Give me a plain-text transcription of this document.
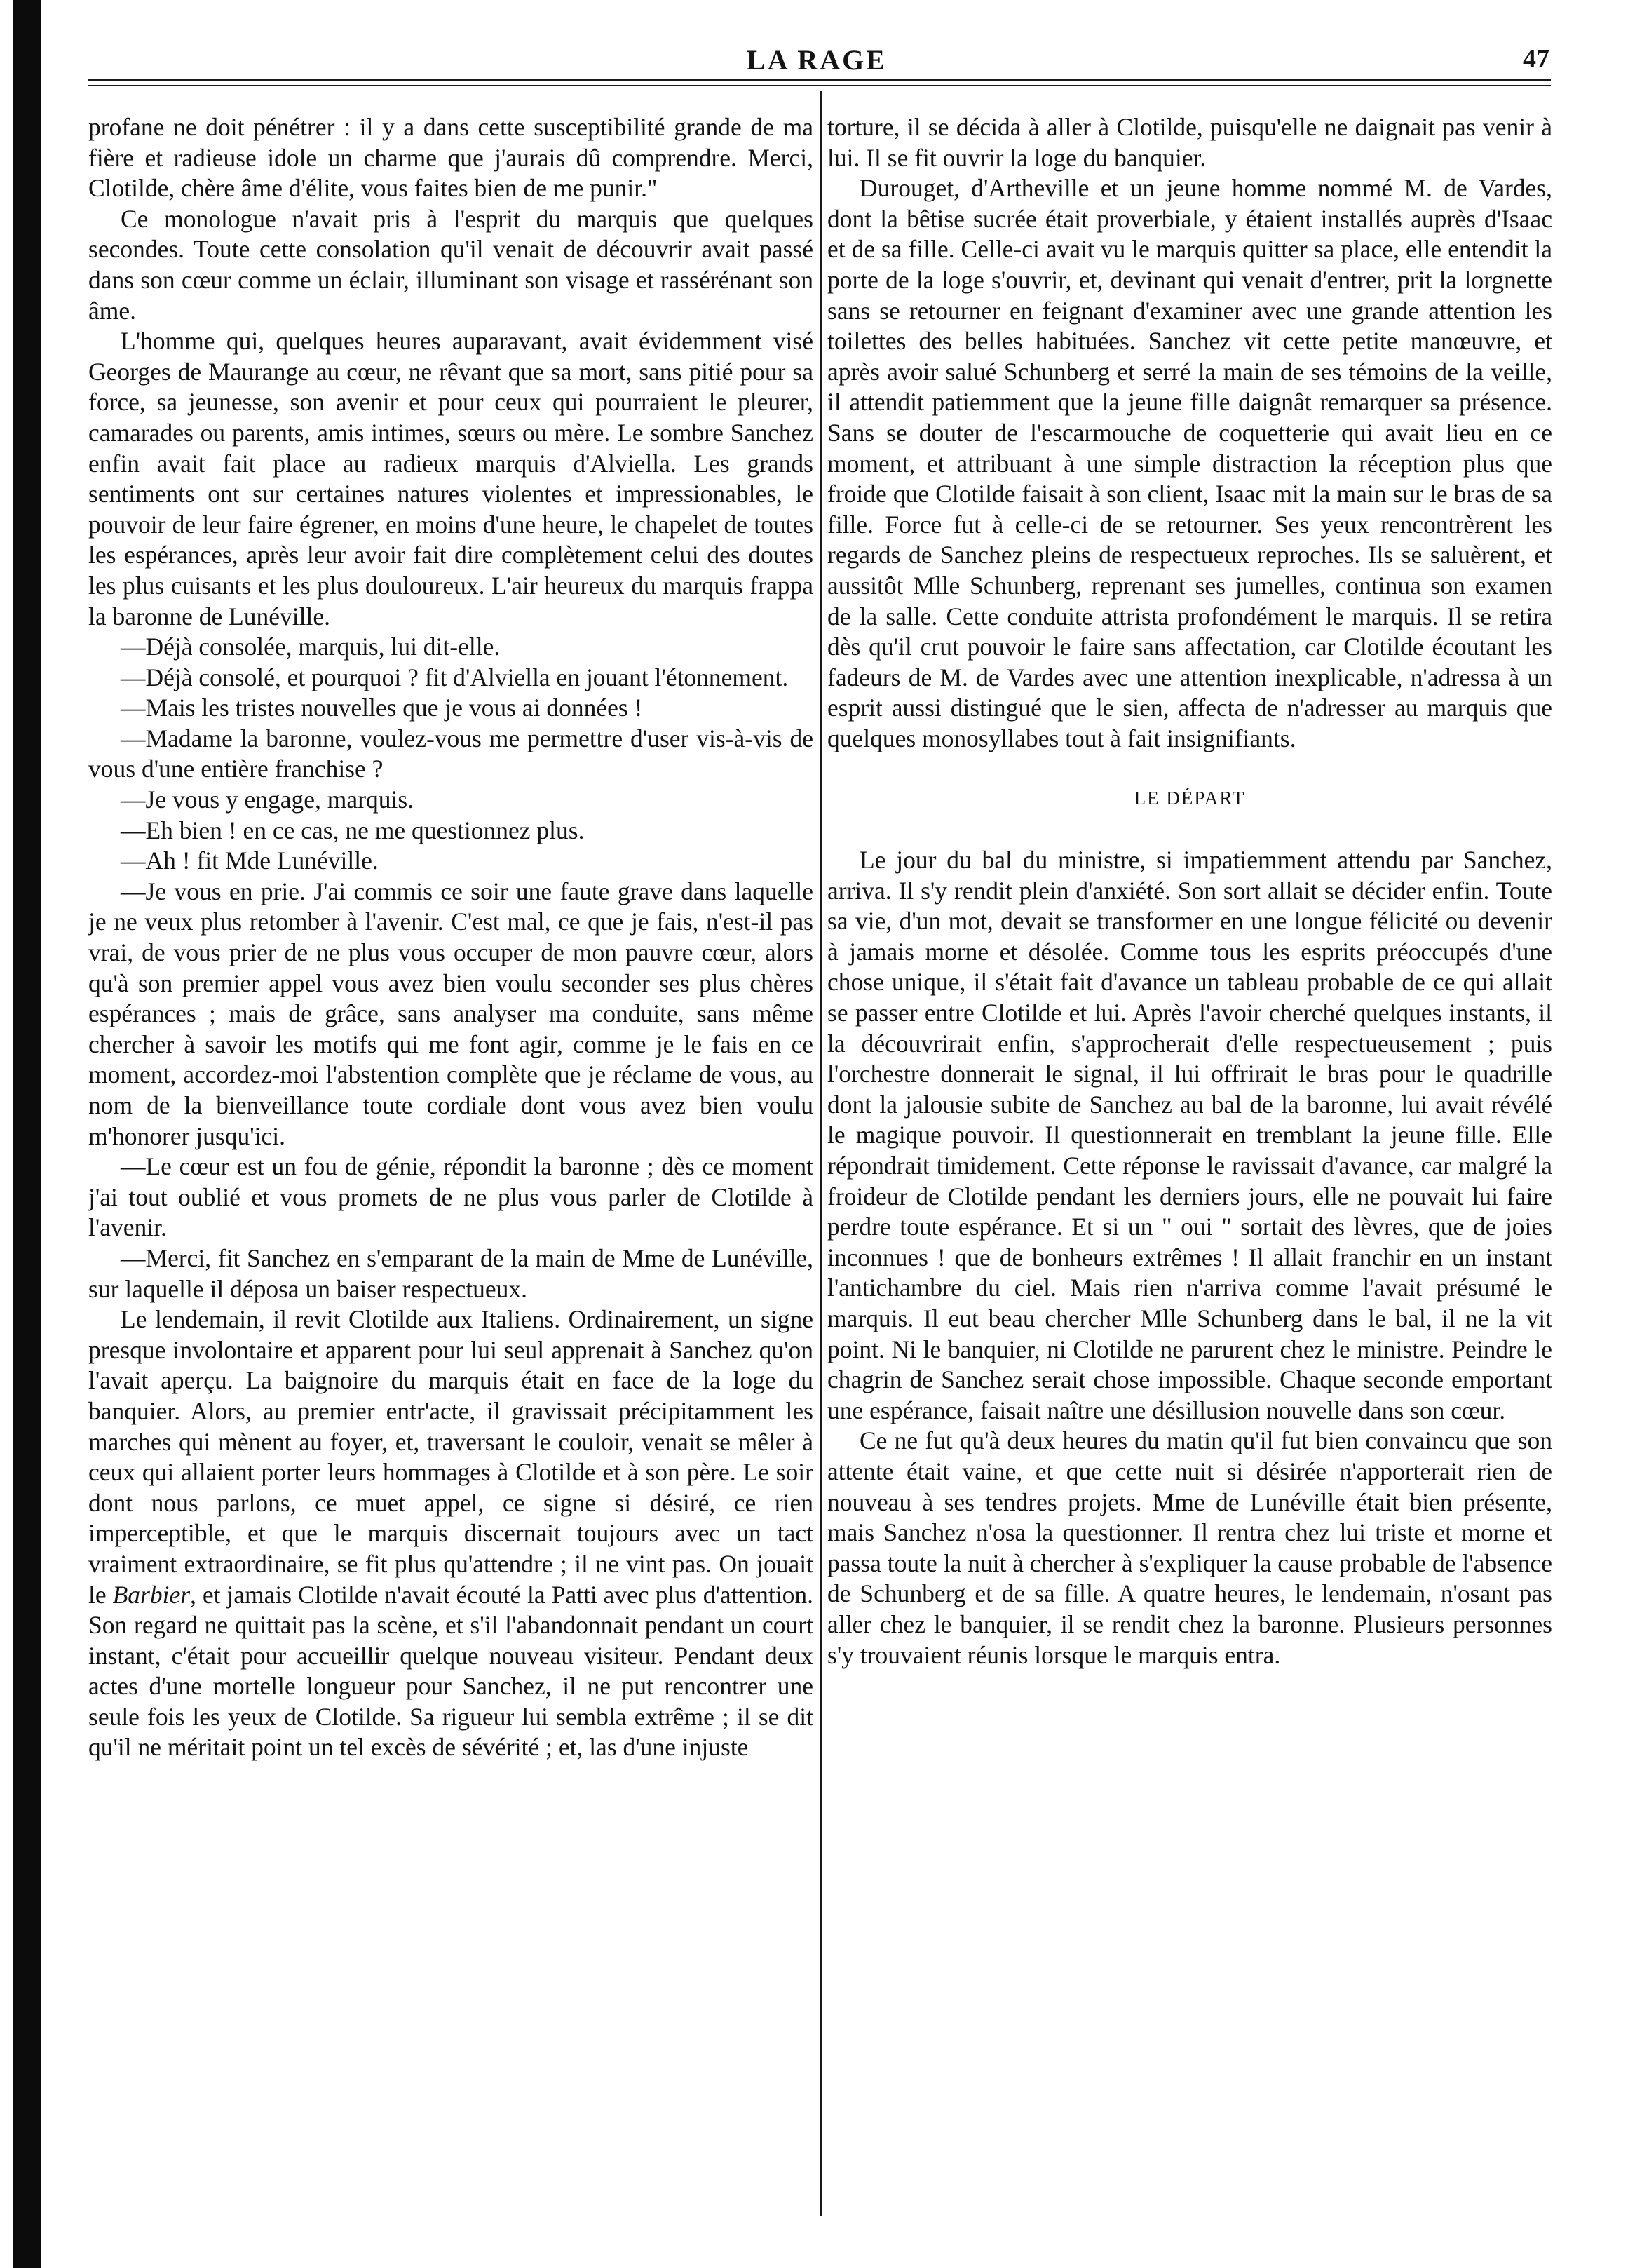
LA RAGE	47

profane ne doit pénétrer : il y a dans cette susceptibilité grande de ma fière et radieuse idole un charme que j'aurais dû comprendre. Merci, Clotilde, chère âme d'élite, vous faites bien de me punir."

Ce monologue n'avait pris à l'esprit du marquis que quelques secondes. Toute cette consolation qu'il venait de découvrir avait passé dans son cœur comme un éclair, illuminant son visage et rassérénant son âme.

L'homme qui, quelques heures auparavant, avait évidemment visé Georges de Maurange au cœur, ne rêvant que sa mort, sans pitié pour sa force, sa jeunesse, son avenir et pour ceux qui pourraient le pleurer, camarades ou parents, amis intimes, sœurs ou mère. Le sombre Sanchez enfin avait fait place au radieux marquis d'Alviella. Les grands sentiments ont sur certaines natures violentes et impressionables, le pouvoir de leur faire égrener, en moins d'une heure, le chapelet de toutes les espérances, après leur avoir fait dire complètement celui des doutes les plus cuisants et les plus douloureux. L'air heureux du marquis frappa la baronne de Lunéville.

—Déjà consolée, marquis, lui dit-elle.

—Déjà consolé, et pourquoi ? fit d'Alviella en jouant l'étonnement.

—Mais les tristes nouvelles que je vous ai données !

—Madame la baronne, voulez-vous me permettre d'user vis-à-vis de vous d'une entière franchise ?

—Je vous y engage, marquis.

—Eh bien ! en ce cas, ne me questionnez plus.

—Ah ! fit Mde Lunéville.

—Je vous en prie. J'ai commis ce soir une faute grave dans laquelle je ne veux plus retomber à l'avenir. C'est mal, ce que je fais, n'est-il pas vrai, de vous prier de ne plus vous occuper de mon pauvre cœur, alors qu'à son premier appel vous avez bien voulu seconder ses plus chères espérances ; mais de grâce, sans analyser ma conduite, sans même chercher à savoir les motifs qui me font agir, comme je le fais en ce moment, accordez-moi l'abstention complète que je réclame de vous, au nom de la bienveillance toute cordiale dont vous avez bien voulu m'honorer jusqu'ici.

—Le cœur est un fou de génie, répondit la baronne ; dès ce moment j'ai tout oublié et vous promets de ne plus vous parler de Clotilde à l'avenir.

—Merci, fit Sanchez en s'emparant de la main de Mme de Lunéville, sur laquelle il déposa un baiser respectueux.

Le lendemain, il revit Clotilde aux Italiens. Ordinairement, un signe presque involontaire et apparent pour lui seul apprenait à Sanchez qu'on l'avait aperçu. La baignoire du marquis était en face de la loge du banquier. Alors, au premier entr'acte, il gravissait précipitamment les marches qui mènent au foyer, et, traversant le couloir, venait se mêler à ceux qui allaient porter leurs hommages à Clotilde et à son père. Le soir dont nous parlons, ce muet appel, ce signe si désiré, ce rien imperceptible, et que le marquis discernait toujours avec un tact vraiment extraordinaire, se fit plus qu'attendre ; il ne vint pas. On jouait le Barbier, et jamais Clotilde n'avait écouté la Patti avec plus d'attention. Son regard ne quittait pas la scène, et s'il l'abandonnait pendant un court instant, c'était pour accueillir quelque nouveau visiteur. Pendant deux actes d'une mortelle longueur pour Sanchez, il ne put rencontrer une seule fois les yeux de Clotilde. Sa rigueur lui sembla extrême ; il se dit qu'il ne méritait point un tel excès de sévérité ; et, las d'une injuste

torture, il se décida à aller à Clotilde, puisqu'elle ne daignait pas venir à lui. Il se fit ouvrir la loge du banquier.

Durouget, d'Artheville et un jeune homme nommé M. de Vardes, dont la bêtise sucrée était proverbiale, y étaient installés auprès d'Isaac et de sa fille. Celle-ci avait vu le marquis quitter sa place, elle entendit la porte de la loge s'ouvrir, et, devinant qui venait d'entrer, prit la lorgnette sans se retourner en feignant d'examiner avec une grande attention les toilettes des belles habituées. Sanchez vit cette petite manœuvre, et après avoir salué Schunberg et serré la main de ses témoins de la veille, il attendit patiemment que la jeune fille daignât remarquer sa présence. Sans se douter de l'escarmouche de coquetterie qui avait lieu en ce moment, et attribuant à une simple distraction la réception plus que froide que Clotilde faisait à son client, Isaac mit la main sur le bras de sa fille. Force fut à celle-ci de se retourner. Ses yeux rencontrèrent les regards de Sanchez pleins de respectueux reproches. Ils se saluèrent, et aussitôt Mlle Schunberg, reprenant ses jumelles, continua son examen de la salle. Cette conduite attrista profondément le marquis. Il se retira dès qu'il crut pouvoir le faire sans affectation, car Clotilde écoutant les fadeurs de M. de Vardes avec une attention inexplicable, n'adressa à un esprit aussi distingué que le sien, affecta de n'adresser au marquis que quelques monosyllabes tout à fait insignifiants.

LE DÉPART

Le jour du bal du ministre, si impatiemment attendu par Sanchez, arriva. Il s'y rendit plein d'anxiété. Son sort allait se décider enfin. Toute sa vie, d'un mot, devait se transformer en une longue félicité ou devenir à jamais morne et désolée. Comme tous les esprits préoccupés d'une chose unique, il s'était fait d'avance un tableau probable de ce qui allait se passer entre Clotilde et lui. Après l'avoir cherché quelques instants, il la découvrirait enfin, s'approcherait d'elle respectueusement ; puis l'orchestre donnerait le signal, il lui offrirait le bras pour le quadrille dont la jalousie subite de Sanchez au bal de la baronne, lui avait révélé le magique pouvoir. Il questionnerait en tremblant la jeune fille. Elle répondrait timidement. Cette réponse le ravissait d'avance, car malgré la froideur de Clotilde pendant les derniers jours, elle ne pouvait lui faire perdre toute espérance. Et si un " oui " sortait des lèvres, que de joies inconnues ! que de bonheurs extrêmes ! Il allait franchir en un instant l'antichambre du ciel. Mais rien n'arriva comme l'avait présumé le marquis. Il eut beau chercher Mlle Schunberg dans le bal, il ne la vit point. Ni le banquier, ni Clotilde ne parurent chez le ministre. Peindre le chagrin de Sanchez serait chose impossible. Chaque seconde emportant une espérance, faisait naître une désillusion nouvelle dans son cœur.

Ce ne fut qu'à deux heures du matin qu'il fut bien convaincu que son attente était vaine, et que cette nuit si désirée n'apporterait rien de nouveau à ses tendres projets. Mme de Lunéville était bien présente, mais Sanchez n'osa la questionner. Il rentra chez lui triste et morne et passa toute la nuit à chercher à s'expliquer la cause probable de l'absence de Schunberg et de sa fille. A quatre heures, le lendemain, n'osant pas aller chez le banquier, il se rendit chez la baronne. Plusieurs personnes s'y trouvaient réunis lorsque le marquis entra.
